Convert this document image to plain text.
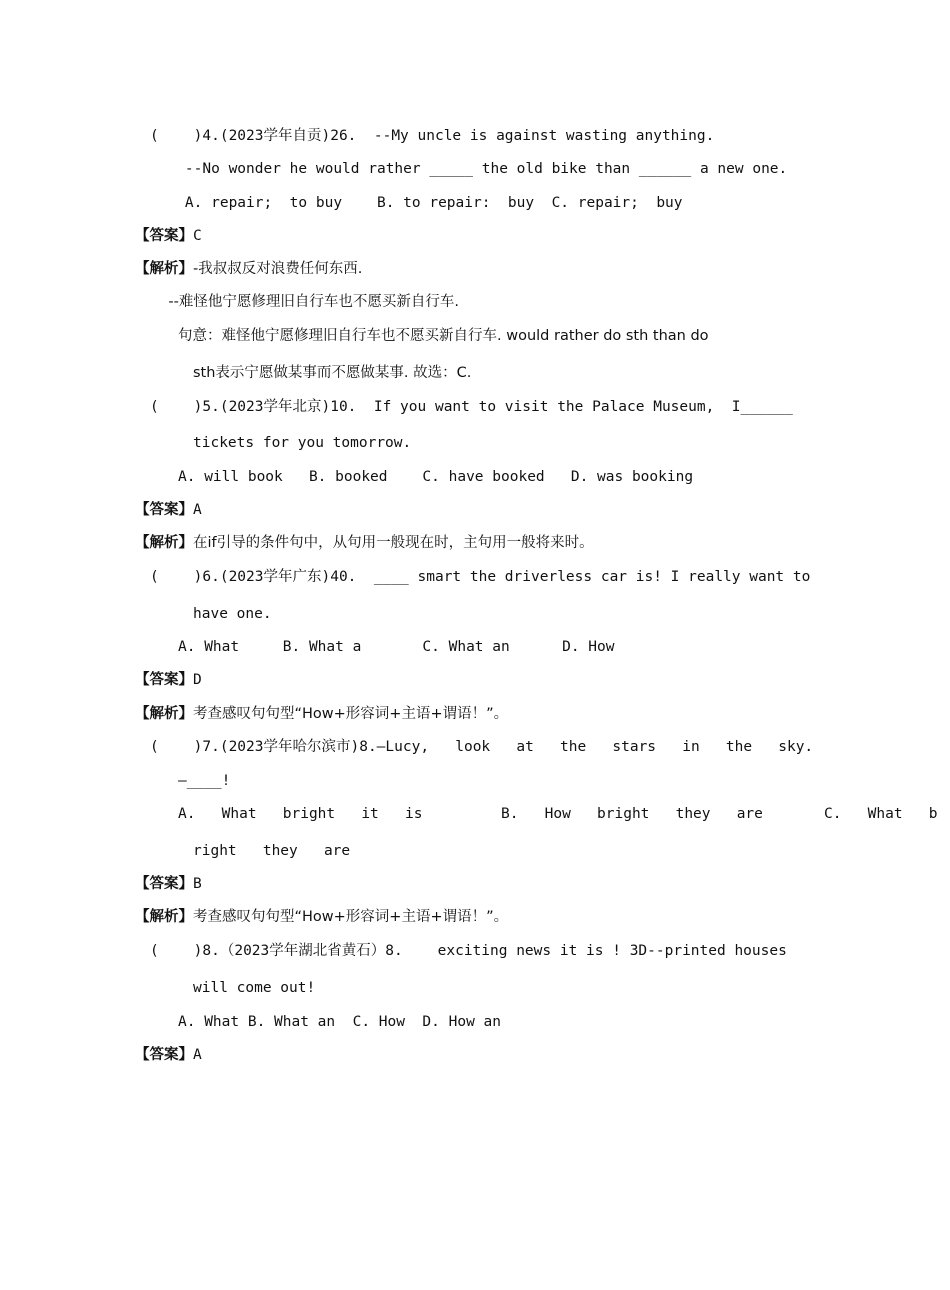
(    )4.(2023学年自贡)26.  --My uncle is against wasting anything.
--No wonder he would rather _____ the old bike than ______ a new one.
A. repair;  to buy    B. to repair:  buy  C. repair;  buy
【答案】C
【解析】-我叔叔反对浪费任何东西.
--难怪他宁愿修理旧自行车也不愿买新自行车.
句意：难怪他宁愿修理旧自行车也不愿买新自行车. would rather do sth than do
sth表示宁愿做某事而不愿做某事. 故选：C.
(    )5.(2023学年北京)10.  If you want to visit the Palace Museum,  I______
tickets for you tomorrow.
A. will book   B. booked    C. have booked   D. was booking
【答案】A
【解析】在if引导的条件句中，从句用一般现在时，主句用一般将来时。
(    )6.(2023学年广东)40.  ____ smart the driverless car is! I really want to
have one.
A. What     B. What a       C. What an      D. How
【答案】D
【解析】考查感叹句句型“How+形容词+主语+谓语！”。
(    )7.(2023学年哈尔滨市)8.—Lucy,   look   at   the   stars   in   the   sky.
—____!
A.   What   bright   it   is         B.   How   bright   they   are       C.   What   b
right   they   are
【答案】B
【解析】考查感叹句句型“How+形容词+主语+谓语！”。
(    )8.（2023学年湖北省黄石）8.    exciting news it is ! 3D--printed houses
will come out!
A. What B. What an  C. How  D. How an
【答案】A
